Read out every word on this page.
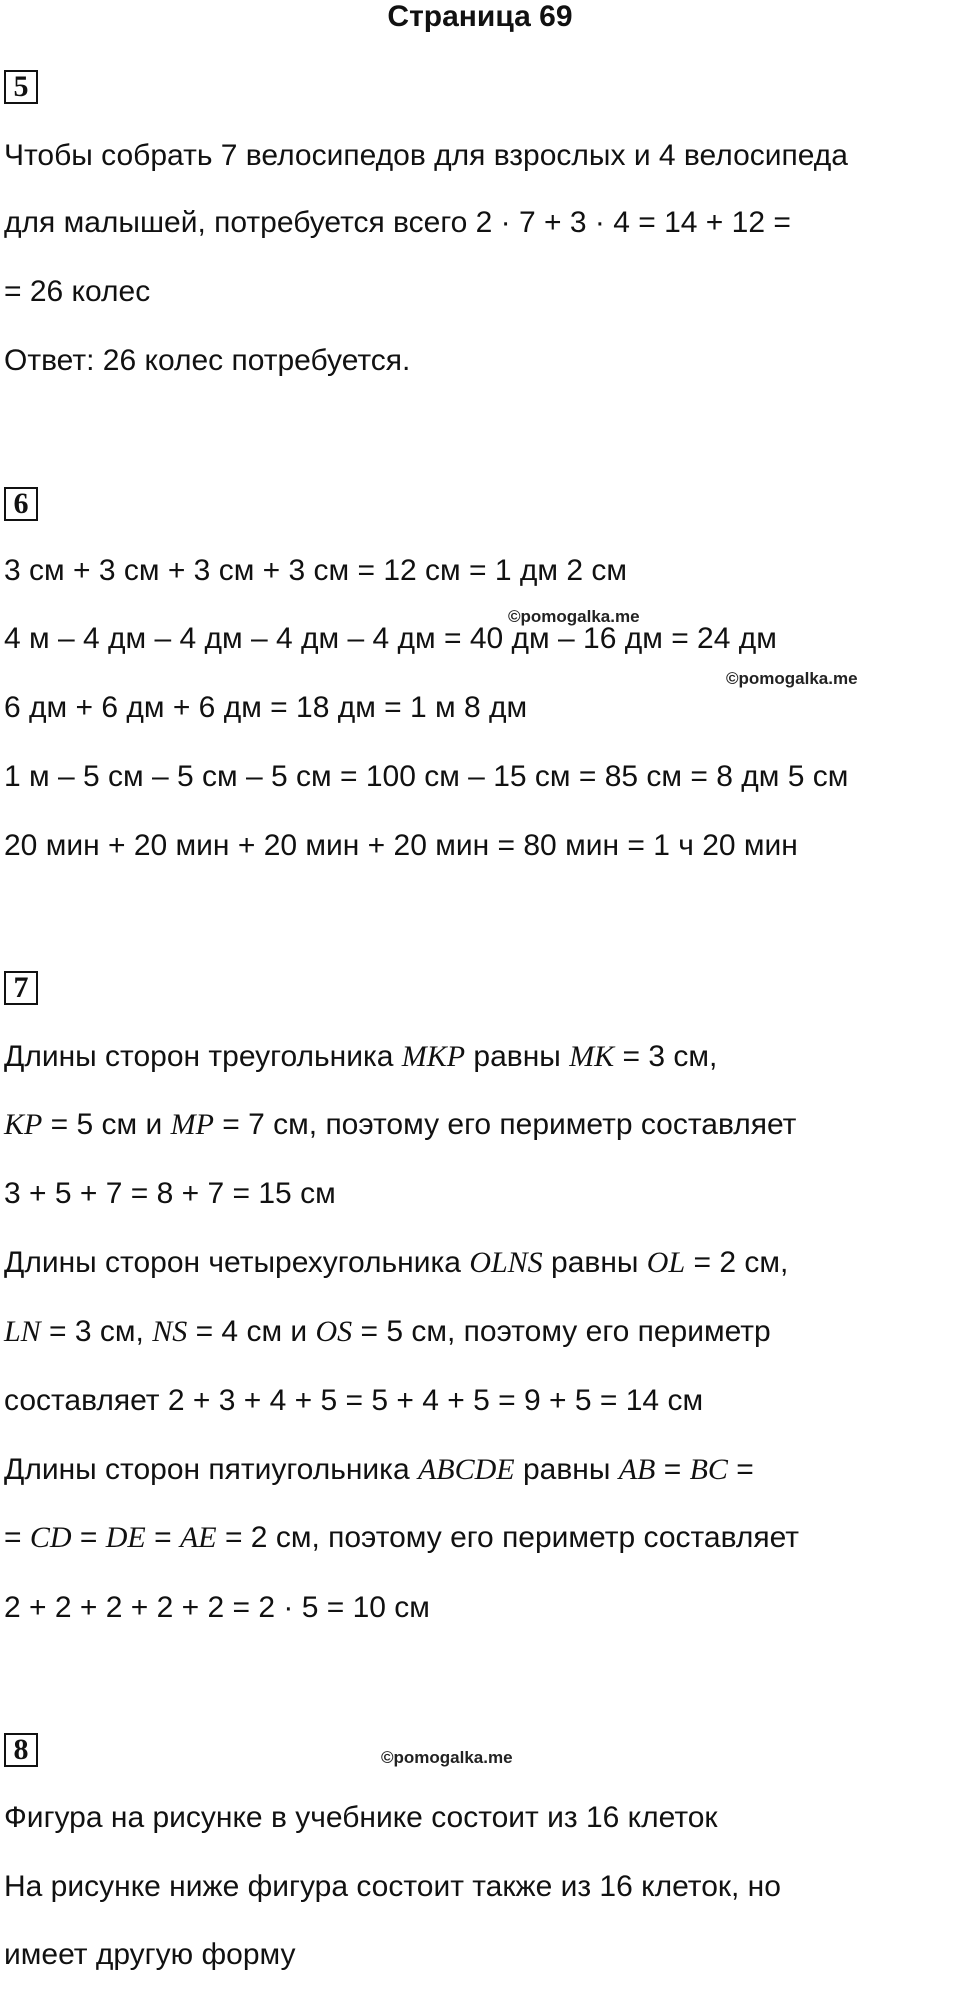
Страница 69
5
Чтобы собрать 7 велосипедов для взрослых и 4 велосипеда
для малышей, потребуется всего 2 · 7 + 3 · 4 = 14 + 12 =
= 26 колес
Ответ: 26 колес потребуется.
6
3 см + 3 см + 3 см + 3 см = 12 см = 1 дм 2 см
©pomogalka.me
4 м – 4 дм – 4 дм – 4 дм – 4 дм = 40 дм – 16 дм = 24 дм
©pomogalka.me
6 дм + 6 дм + 6 дм = 18 дм = 1 м 8 дм
1 м – 5 см – 5 см – 5 см = 100 см – 15 см = 85 см = 8 дм 5 см
20 мин + 20 мин + 20 мин + 20 мин = 80 мин = 1 ч 20 мин
7
Длины сторон треугольника MKP равны MK = 3 см,
KP = 5 см и MP = 7 см, поэтому его периметр составляет
3 + 5 + 7 = 8 + 7 = 15 см
Длины сторон четырехугольника OLNS равны OL = 2 см,
LN = 3 см, NS = 4 см и OS = 5 см, поэтому его периметр
составляет 2 + 3 + 4 + 5 = 5 + 4 + 5 = 9 + 5 = 14 см
Длины сторон пятиугольника ABCDE равны AB = BC =
= CD = DE = AE = 2 см, поэтому его периметр составляет
2 + 2 + 2 + 2 + 2 = 2 · 5 = 10 см
8	©pomogalka.me
Фигура на рисунке в учебнике состоит из 16 клеток
На рисунке ниже фигура состоит также из 16 клеток, но
имеет другую форму
